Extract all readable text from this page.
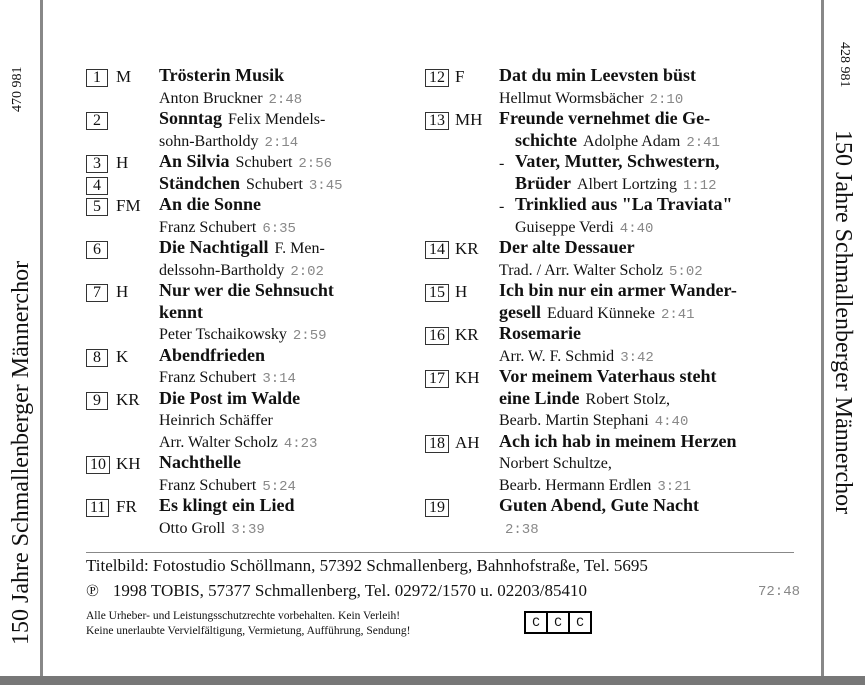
150 Jahre Schmallenberger Männerchor
470 981
150 Jahre Schmallenberger Männerchor
428 981
1 M Trösterin Musik
Anton Bruckner 2:48
2	Sonntag Felix Mendels-
sohn-Bartholdy 2:14
3 H An Silvia Schubert 2:56
4	Ständchen Schubert 3:45
5 FM An die Sonne
Franz Schubert 6:35
6	Die Nachtigall F. Men-
delssohn-Bartholdy 2:02
7 H Nur wer die Sehnsucht
kennt
Peter Tschaikowsky 2:59
8 K Abendfrieden
Franz Schubert 3:14
9 KR Die Post im Walde
Heinrich Schäffer
Arr. Walter Scholz 4:23
10 KH Nachthelle
Franz Schubert 5:24
11 FR Es klingt ein Lied
Otto Groll 3:39
12 F Dat du min Leevsten büst
Hellmut Wormsbächer 2:10
13 MH Freunde vernehmet die Ge-
schichte Adolphe Adam 2:41
- Vater, Mutter, Schwestern,
Brüder Albert Lortzing 1:12
- Trinklied aus "La Traviata"
Guiseppe Verdi 4:40
14 KR Der alte Dessauer
Trad. / Arr. Walter Scholz 5:02
15 H Ich bin nur ein armer Wander-
gesell Eduard Künneke 2:41
16 KR Rosemarie
Arr. W. F. Schmid 3:42
17 KH Vor meinem Vaterhaus steht
eine Linde Robert Stolz,
Bearb. Martin Stephani 4:40
18 AH Ach ich hab in meinem Herzen
Norbert Schultze,
Bearb. Hermann Erdlen 3:21
19	Guten Abend, Gute Nacht
2:38
Titelbild: Fotostudio Schöllmann, 57392 Schmallenberg, Bahnhofstraße, Tel. 5695
℗ 1998 TOBIS, 57377 Schmallenberg, Tel. 02972/1570 u. 02203/85410	72:48
Alle Urheber- und Leistungsschutzrechte vorbehalten. Kein Verleih!
Keine unerlaubte Vervielfältigung, Vermietung, Aufführung, Sendung!
C	C	C
